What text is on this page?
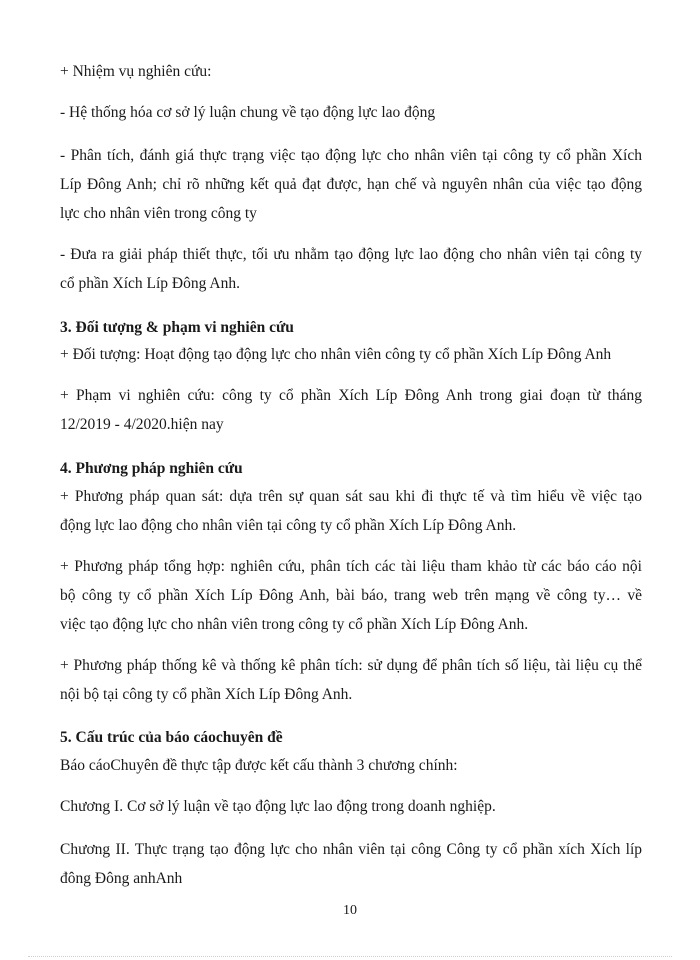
+ Nhiệm vụ nghiên cứu:
- Hệ thống hóa cơ sở lý luận chung về tạo động lực lao động
- Phân tích, đánh giá thực trạng việc tạo động lực cho nhân viên tại công ty cổ phần Xích
Líp Đông Anh; chỉ rõ những kết quả đạt được, hạn chế và nguyên nhân của việc tạo động
lực cho nhân viên trong công ty
- Đưa ra giải pháp thiết thực, tối ưu nhằm tạo động lực lao động cho nhân viên tại công ty
cổ phần Xích Líp Đông Anh.
3. Đối tượng & phạm vi nghiên cứu
+ Đối tượng: Hoạt động tạo động lực cho nhân viên công ty cổ phần Xích Líp Đông Anh
+ Phạm vi nghiên cứu: công ty cổ phần Xích Líp Đông Anh trong giai đoạn từ tháng
12/2019 - 4/2020.hiện nay
4. Phương pháp nghiên cứu
+ Phương pháp quan sát: dựa trên sự quan sát sau khi đi thực tế và tìm hiểu về việc tạo
động lực lao động cho nhân viên tại công ty cổ phần Xích Líp Đông Anh.
+ Phương pháp tổng hợp: nghiên cứu, phân tích các tài liệu tham khảo từ các báo cáo nội
bộ công ty cổ phần Xích Líp Đông Anh, bài báo, trang web trên mạng về công ty… về
việc tạo động lực cho nhân viên trong công ty cổ phần Xích Líp Đông Anh.
+ Phương pháp thống kê và thống kê phân tích: sử dụng để phân tích số liệu, tài liệu cụ thể
nội bộ tại công ty cổ phần Xích Líp Đông Anh.
5. Cấu trúc của báo cáochuyên đề
Báo cáoChuyên đề thực tập được kết cấu thành 3 chương chính:
Chương I. Cơ sở lý luận về tạo động lực lao động trong doanh nghiệp.
Chương II. Thực trạng tạo động lực cho nhân viên tại công Công ty cổ phần xích Xích líp
đông Đông anhAnh
10
